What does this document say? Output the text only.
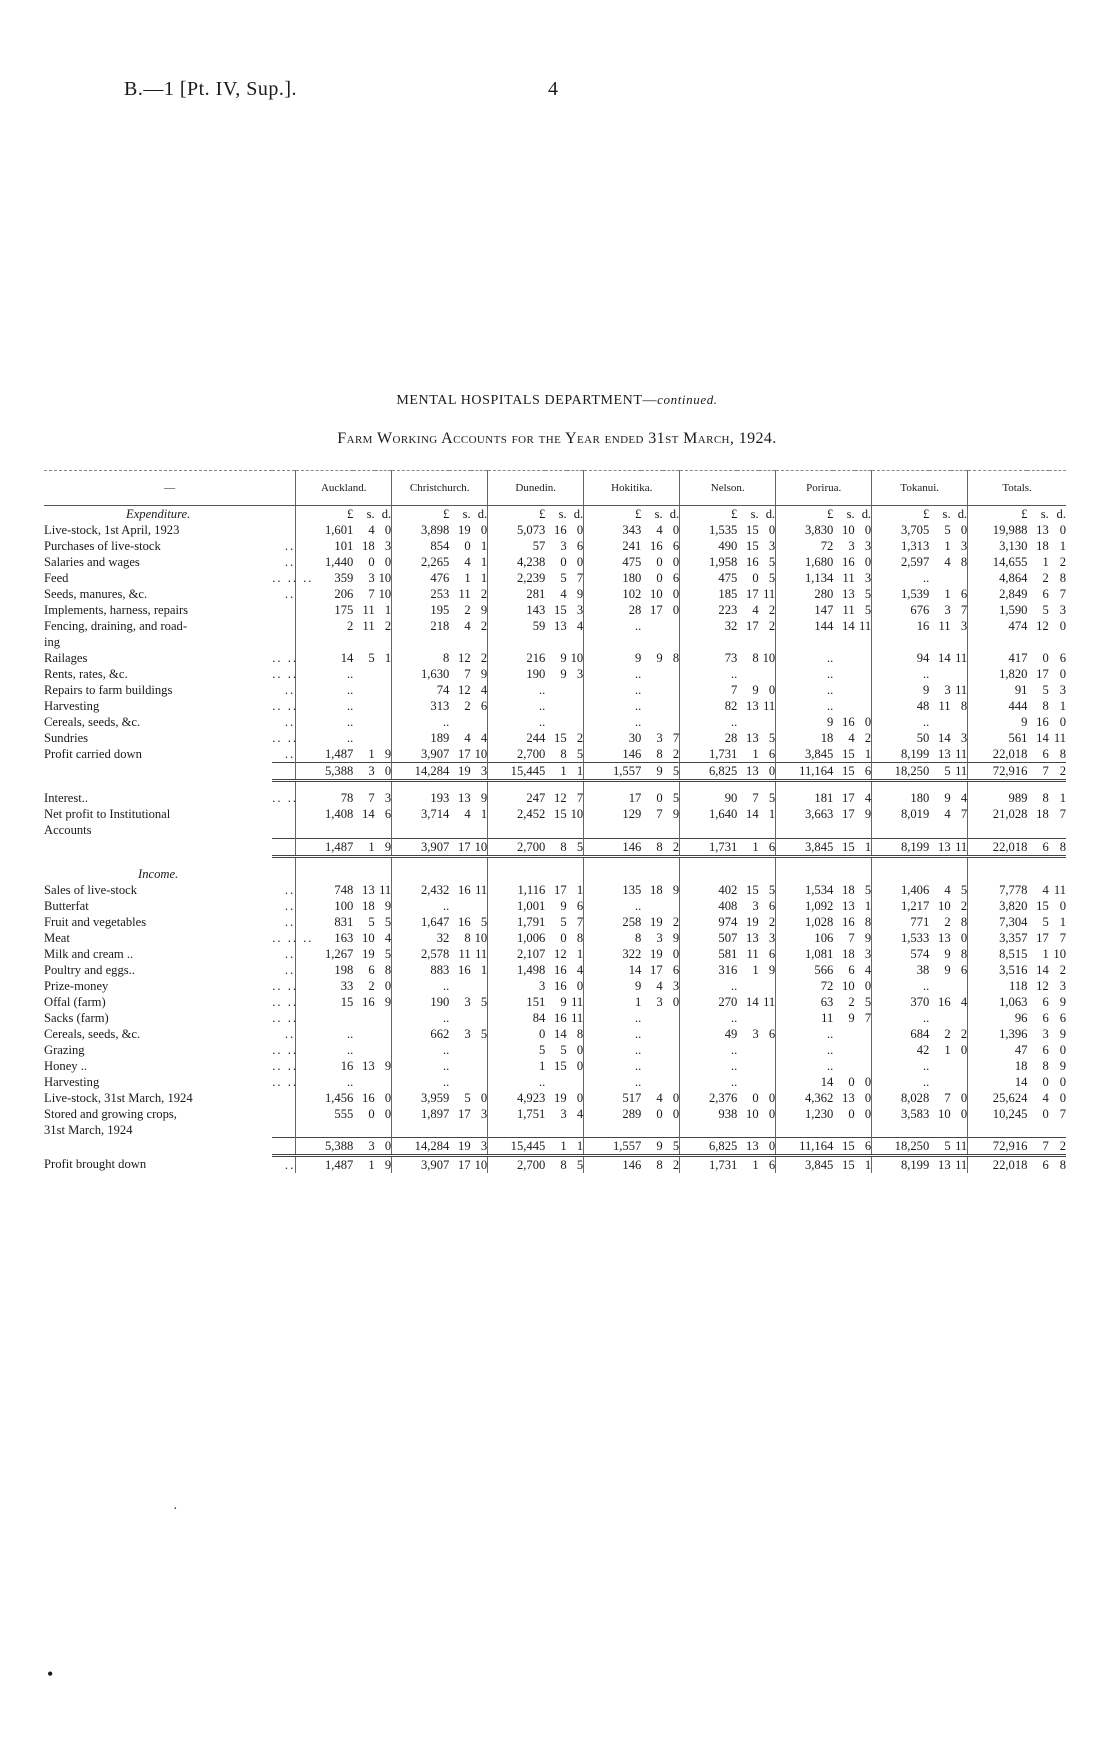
B.—1 [Pt. IV, Sup.].	4
MENTAL HOSPITALS DEPARTMENT—continued.
Farm Working Accounts for the Year ended 31st March, 1924.
—		Auckland.			Christchurch.			Dunedin.			Hokitika.			Nelson.			Porirua.			Tokanui.			Totals.		
Expenditure.		£	s.	d.	£	s.	d.	£	s.	d.	£	s.	d.	£	s.	d.	£	s.	d.	£	s.	d.	£	s.	d.
Live-stock, 1st April, 1923		1,601	4	0	3,898	19	0	5,073	16	0	343	4	0	1,535	15	0	3,830	10	0	3,705	5	0	19,988	13	0
Purchases of live-stock	..	101	18	3	854	0	1	57	3	6	241	16	6	490	15	3	72	3	3	1,313	1	3	3,130	18	1
Salaries and wages	..	1,440	0	0	2,265	4	1	4,238	0	0	475	0	0	1,958	16	5	1,680	16	0	2,597	4	8	14,655	1	2
Feed	.. .. ..	359	3	10	476	1	1	2,239	5	7	180	0	6	475	0	5	1,134	11	3	..			4,864	2	8
Seeds, manures, &c.	..	206	7	10	253	11	2	281	4	9	102	10	0	185	17	11	280	13	5	1,539	1	6	2,849	6	7
Implements, harness, repairs		175	11	1	195	2	9	143	15	3	28	17	0	223	4	2	147	11	5	676	3	7	1,590	5	3
Fencing, draining, and road-		2	11	2	218	4	2	59	13	4	..			32	17	2	144	14	11	16	11	3	474	12	0
ing																									
Railages	.. ..	14	5	1	8	12	2	216	9	10	9	9	8	73	8	10	..			94	14	11	417	0	6
Rents, rates, &c.	.. ..	..			1,630	7	9	190	9	3	..			..			..			..			1,820	17	0
Repairs to farm buildings	..	..			74	12	4	..			..			7	9	0	..			9	3	11	91	5	3
Harvesting	.. ..	..			313	2	6	..			..			82	13	11	..			48	11	8	444	8	1
Cereals, seeds, &c.	..	..			..			..			..			..			9	16	0	..			9	16	0
Sundries	.. ..	..			189	4	4	244	15	2	30	3	7	28	13	5	18	4	2	50	14	3	561	14	11
Profit carried down	..	1,487	1	9	3,907	17	10	2,700	8	5	146	8	2	1,731	1	6	3,845	15	1	8,199	13	11	22,018	6	8
		5,388	3	0	14,284	19	3	15,445	1	1	1,557	9	5	6,825	13	0	11,164	15	6	18,250	5	11	72,916	7	2

Interest..	.. ..	78	7	3	193	13	9	247	12	7	17	0	5	90	7	5	181	17	4	180	9	4	989	8	1
Net profit to Institutional		1,408	14	6	3,714	4	1	2,452	15	10	129	7	9	1,640	14	1	3,663	17	9	8,019	4	7	21,028	18	7
Accounts																									
		1,487	1	9	3,907	17	10	2,700	8	5	146	8	2	1,731	1	6	3,845	15	1	8,199	13	11	22,018	6	8

Income.																									
Sales of live-stock	..	748	13	11	2,432	16	11	1,116	17	1	135	18	9	402	15	5	1,534	18	5	1,406	4	5	7,778	4	11
Butterfat	..	100	18	9	..			1,001	9	6	..			408	3	6	1,092	13	1	1,217	10	2	3,820	15	0
Fruit and vegetables	..	831	5	5	1,647	16	5	1,791	5	7	258	19	2	974	19	2	1,028	16	8	771	2	8	7,304	5	1
Meat	.. .. ..	163	10	4	32	8	10	1,006	0	8	8	3	9	507	13	3	106	7	9	1,533	13	0	3,357	17	7
Milk and cream ..	..	1,267	19	5	2,578	11	11	2,107	12	1	322	19	0	581	11	6	1,081	18	3	574	9	8	8,515	1	10
Poultry and eggs..	..	198	6	8	883	16	1	1,498	16	4	14	17	6	316	1	9	566	6	4	38	9	6	3,516	14	2
Prize-money	.. ..	33	2	0	..			3	16	0	9	4	3	..			72	10	0	..			118	12	3
Offal (farm)	.. ..	15	16	9	190	3	5	151	9	11	1	3	0	270	14	11	63	2	5	370	16	4	1,063	6	9
Sacks (farm)	.. ..				..			84	16	11	..			..			11	9	7	..			96	6	6
Cereals, seeds, &c.	..	..			662	3	5	0	14	8	..			49	3	6	..			684	2	2	1,396	3	9
Grazing	.. ..	..			..			5	5	0	..			..			..			42	1	0	47	6	0
Honey ..	.. ..	16	13	9	..			1	15	0	..			..			..			..			18	8	9
Harvesting	.. ..	..			..			..			..			..			14	0	0	..			14	0	0
Live-stock, 31st March, 1924		1,456	16	0	3,959	5	0	4,923	19	0	517	4	0	2,376	0	0	4,362	13	0	8,028	7	0	25,624	4	0
Stored and growing crops,		555	0	0	1,897	17	3	1,751	3	4	289	0	0	938	10	0	1,230	0	0	3,583	10	0	10,245	0	7
31st March, 1924																									
		5,388	3	0	14,284	19	3	15,445	1	1	1,557	9	5	6,825	13	0	11,164	15	6	18,250	5	11	72,916	7	2
Profit brought down	..	1,487	1	9	3,907	17	10	2,700	8	5	146	8	2	1,731	1	6	3,845	15	1	8,199	13	11	22,018	6	8
·
•
